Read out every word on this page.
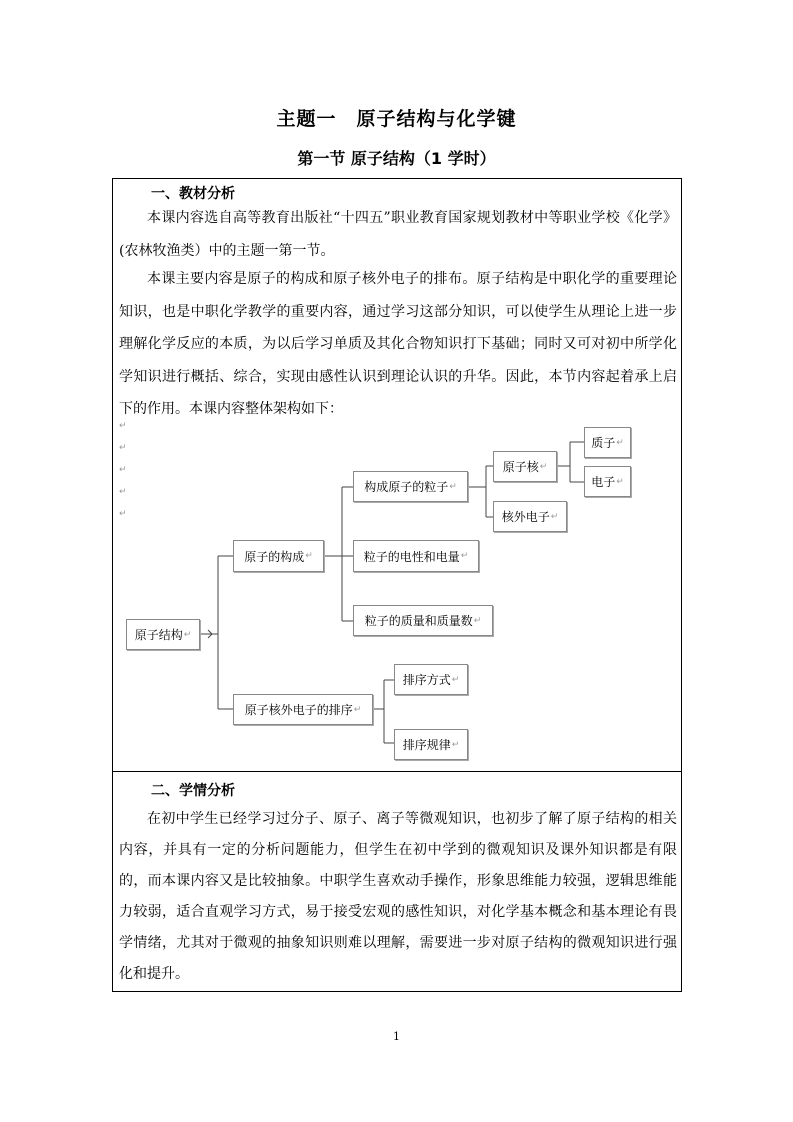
主题一　原子结构与化学键
第一节 原子结构（1 学时）
一、教材分析

本课内容选自高等教育出版社“十四五”职业教育国家规划教材中等职业学校《化学》(农林牧渔类）中的主题一第一节。

本课主要内容是原子的构成和原子核外电子的排布。原子结构是中职化学的重要理论知识，也是中职化学教学的重要内容，通过学习这部分知识，可以使学生从理论上进一步理解化学反应的本质，为以后学习单质及其化合物知识打下基础；同时又可对初中所学化学知识进行概括、综合，实现由感性认识到理论认识的升华。因此，本节内容起着承上启下的作用。本课内容整体架构如下：

↵
↵
↵
↵
↵
原子结构 ↵
原子的构成 ↵
原子核外电子的排序 ↵
构成原子的粒子 ↵
粒子的电性和电量 ↵
粒子的质量和质量数 ↵
原子核 ↵
核外电子 ↵
质子 ↵
电子 ↵
排序方式 ↵
排序规律 ↵
二、学情分析

在初中学生已经学习过分子、原子、离子等微观知识，也初步了解了原子结构的相关内容，并具有一定的分析问题能力，但学生在初中学到的微观知识及课外知识都是有限的，而本课内容又是比较抽象。中职学生喜欢动手操作，形象思维能力较强，逻辑思维能力较弱，适合直观学习方式，易于接受宏观的感性知识，对化学基本概念和基本理论有畏学情绪，尤其对于微观的抽象知识则难以理解，需要进一步对原子结构的微观知识进行强化和提升。

1
